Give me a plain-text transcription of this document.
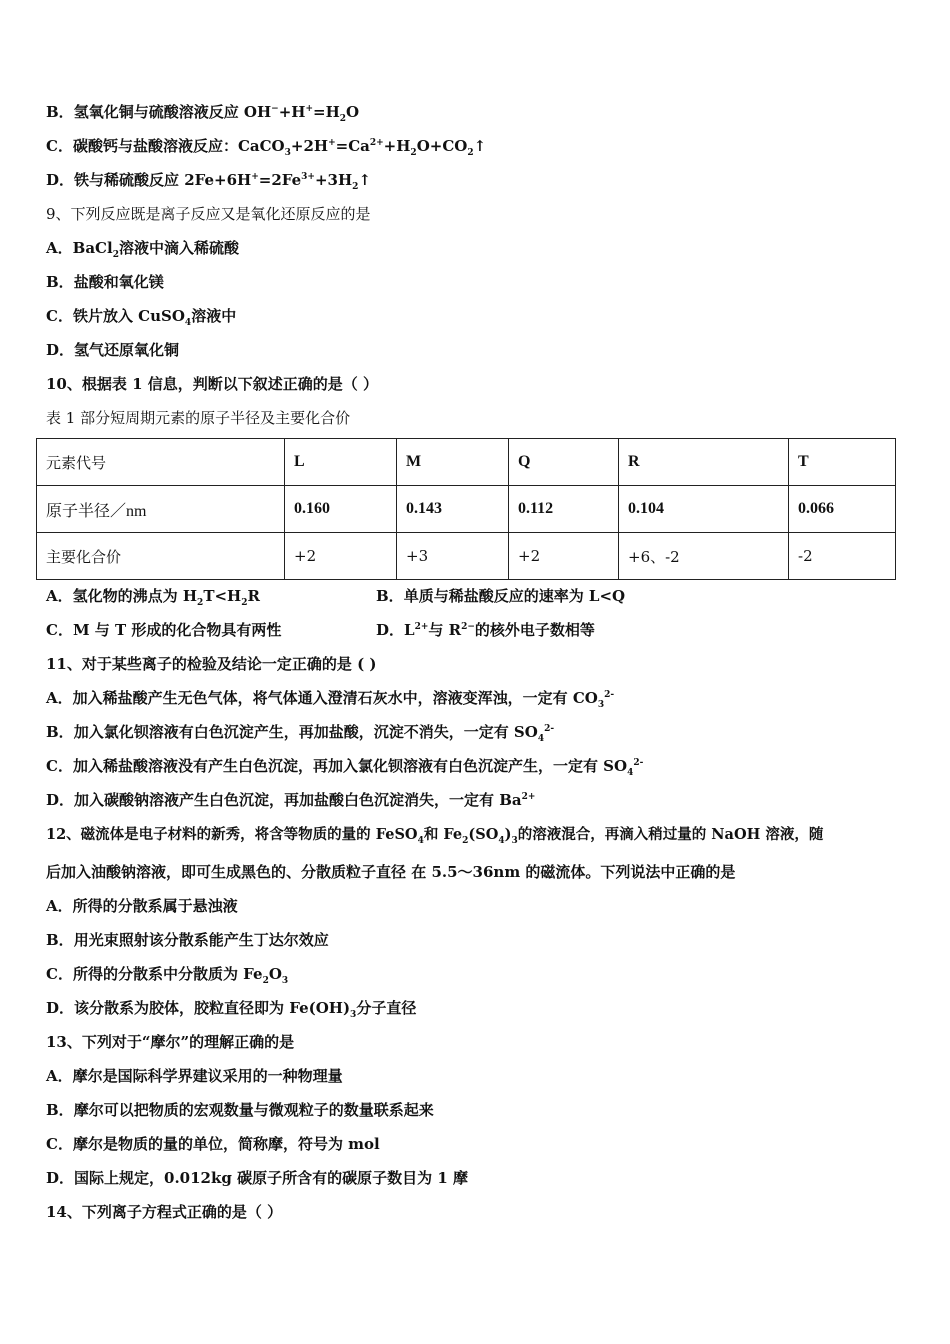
B．氢氧化铜与硫酸溶液反应 $OH^-+H^+=H_2O$
C．碳酸钙与盐酸溶液反应：$CaCO_3+2H^+=Ca^{2+}+H_2O+CO_2↑$
D．铁与稀硫酸反应 $2Fe+6H^+=2Fe^{3+}+3H_2↑$
9、下列反应既是离子反应又是氧化还原反应的是
A．BaCl$_2$溶液中滴入稀硫酸
B．盐酸和氧化镁
C．铁片放入 CuSO$_4$溶液中
D．氢气还原氧化铜
10、根据表 1 信息，判断以下叙述正确的是（ ）
表 1 部分短周期元素的原子半径及主要化合价
元素代号	L	M	Q	R	T
原子半径／nm	0.160	0.143	0.112	0.104	0.066
主要化合价	+2	+3	+2	+6、-2	-2
A．氢化物的沸点为 $H_2T<H_2R$	B．单质与稀盐酸反应的速率为 L<Q
C．M 与 T 形成的化合物具有两性	D．$L^{2+}$与 $R^{2-}$的核外电子数相等
11、对于某些离子的检验及结论一定正确的是 ( )
A．加入稀盐酸产生无色气体，将气体通入澄清石灰水中，溶液变浑浊，一定有 $CO_3^{2-}$
B．加入氯化钡溶液有白色沉淀产生，再加盐酸，沉淀不消失，一定有 $SO_4^{2-}$
C．加入稀盐酸溶液没有产生白色沉淀，再加入氯化钡溶液有白色沉淀产生，一定有 $SO_4^{2-}$
D．加入碳酸钠溶液产生白色沉淀，再加盐酸白色沉淀消失，一定有 $Ba^{2+}$
12、磁流体是电子材料的新秀，将含等物质的量的 FeSO$_4$和 $Fe_2(SO_4)_3$的溶液混合，再滴入稍过量的 NaOH 溶液，随
后加入油酸钠溶液，即可生成黑色的、分散质粒子直径 在 5.5～36nm 的磁流体。下列说法中正确的是
A．所得的分散系属于悬浊液
B．用光束照射该分散系能产生丁达尔效应
C．所得的分散系中分散质为 $Fe_2O_3$
D．该分散系为胶体，胶粒直径即为 $Fe(OH)_3$分子直径
13、下列对于“摩尔”的理解正确的是
A．摩尔是国际科学界建议采用的一种物理量
B．摩尔可以把物质的宏观数量与微观粒子的数量联系起来
C．摩尔是物质的量的单位，简称摩，符号为 mol
D．国际上规定，0.012kg 碳原子所含有的碳原子数目为 1 摩
14、下列离子方程式正确的是（ ）
